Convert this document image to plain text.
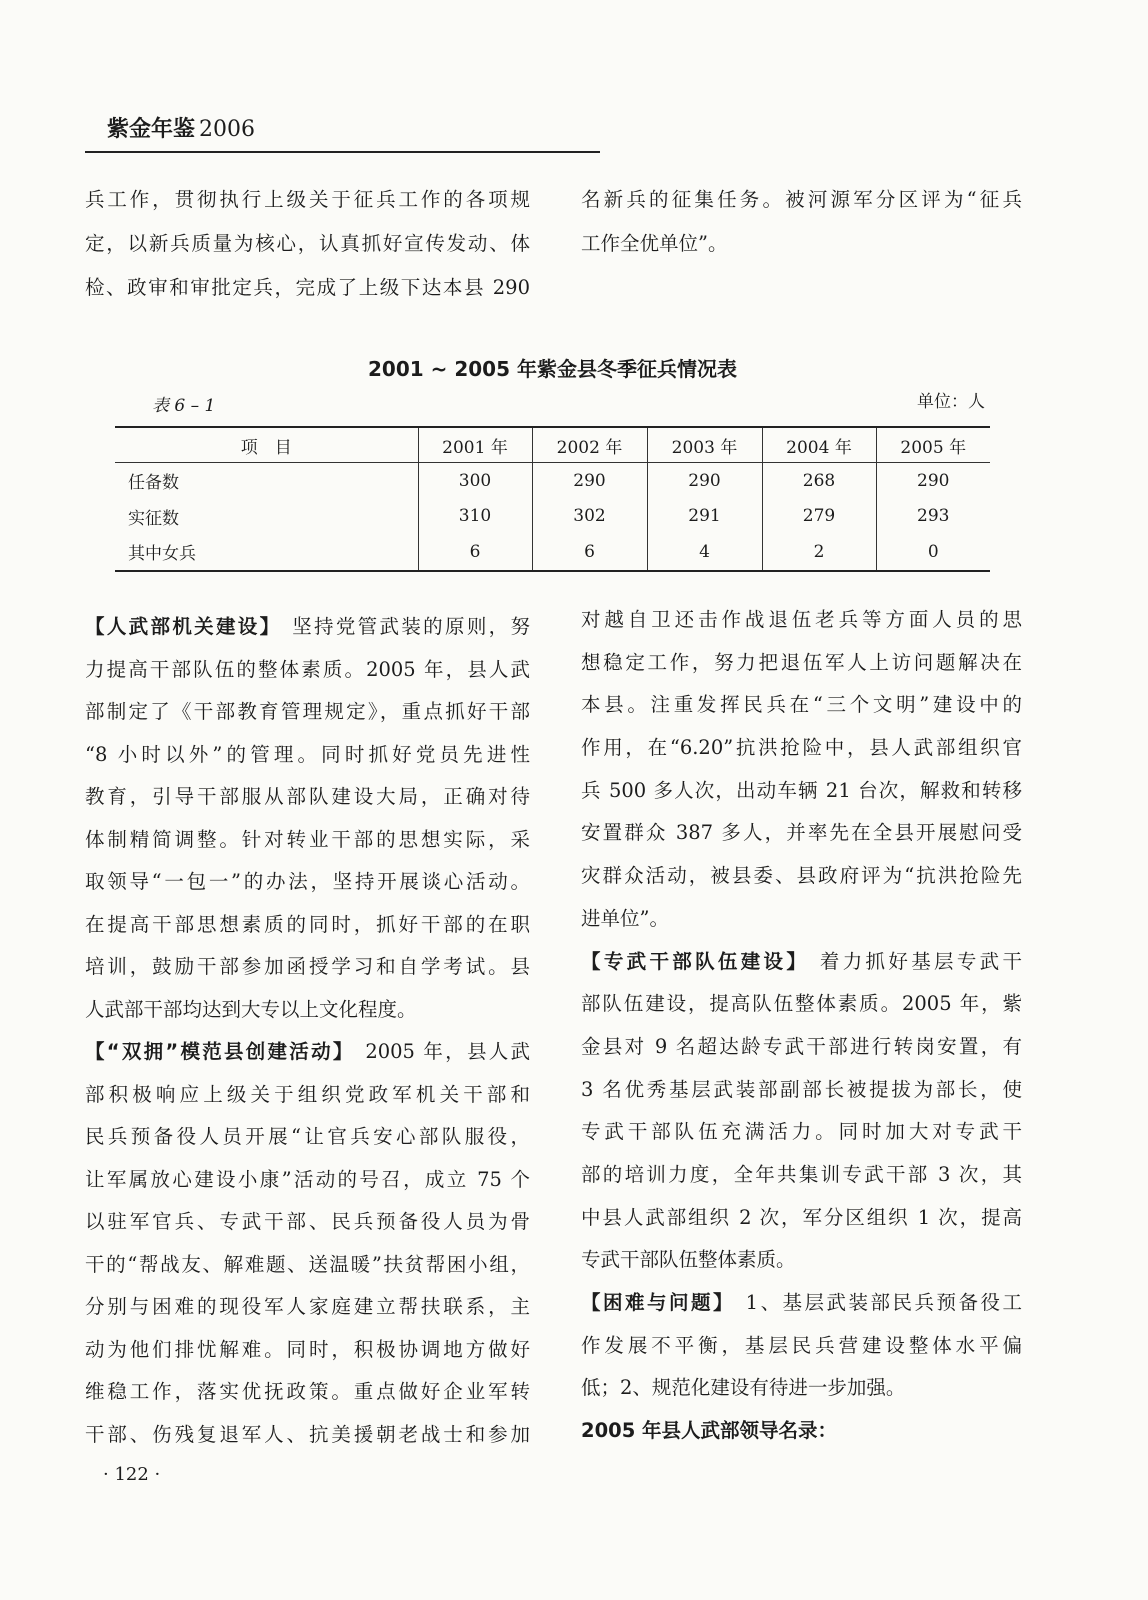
紫金年鉴 2006
兵工作，贯彻执行上级关于征兵工作的各项规
定，以新兵质量为核心，认真抓好宣传发动、体
检、政审和审批定兵，完成了上级下达本县 290
名新兵的征集任务。被河源军分区评为“征兵
工作全优单位”。
2001 ~ 2005 年紫金县冬季征兵情况表
表 6 – 1	单位：人
项　目	2001 年	2002 年	2003 年	2004 年	2005 年
任备数	300	290	290	268	290
实征数	310	302	291	279	293
其中女兵	6	6	4	2	0
【人武部机关建设】 坚持党管武装的原则，努
力提高干部队伍的整体素质。2005 年，县人武
部制定了《干部教育管理规定》，重点抓好干部
“8 小时以外”的管理。同时抓好党员先进性
教育，引导干部服从部队建设大局，正确对待
体制精简调整。针对转业干部的思想实际，采
取领导“一包一”的办法，坚持开展谈心活动。
在提高干部思想素质的同时，抓好干部的在职
培训，鼓励干部参加函授学习和自学考试。县
人武部干部均达到大专以上文化程度。
【“双拥”模范县创建活动】 2005 年，县人武
部积极响应上级关于组织党政军机关干部和
民兵预备役人员开展“让官兵安心部队服役，
让军属放心建设小康”活动的号召，成立 75 个
以驻军官兵、专武干部、民兵预备役人员为骨
干的“帮战友、解难题、送温暖”扶贫帮困小组，
分别与困难的现役军人家庭建立帮扶联系，主
动为他们排忧解难。同时，积极协调地方做好
维稳工作，落实优抚政策。重点做好企业军转
干部、伤残复退军人、抗美援朝老战士和参加
对越自卫还击作战退伍老兵等方面人员的思
想稳定工作，努力把退伍军人上访问题解决在
本县。注重发挥民兵在“三个文明”建设中的
作用，在“6.20”抗洪抢险中，县人武部组织官
兵 500 多人次，出动车辆 21 台次，解救和转移
安置群众 387 多人，并率先在全县开展慰问受
灾群众活动，被县委、县政府评为“抗洪抢险先
进单位”。
【专武干部队伍建设】 着力抓好基层专武干
部队伍建设，提高队伍整体素质。2005 年，紫
金县对 9 名超达龄专武干部进行转岗安置，有
3 名优秀基层武装部副部长被提拔为部长，使
专武干部队伍充满活力。同时加大对专武干
部的培训力度，全年共集训专武干部 3 次，其
中县人武部组织 2 次，军分区组织 1 次，提高
专武干部队伍整体素质。
【困难与问题】 1、基层武装部民兵预备役工
作发展不平衡，基层民兵营建设整体水平偏
低；2、规范化建设有待进一步加强。
2005 年县人武部领导名录：
· 122 ·
